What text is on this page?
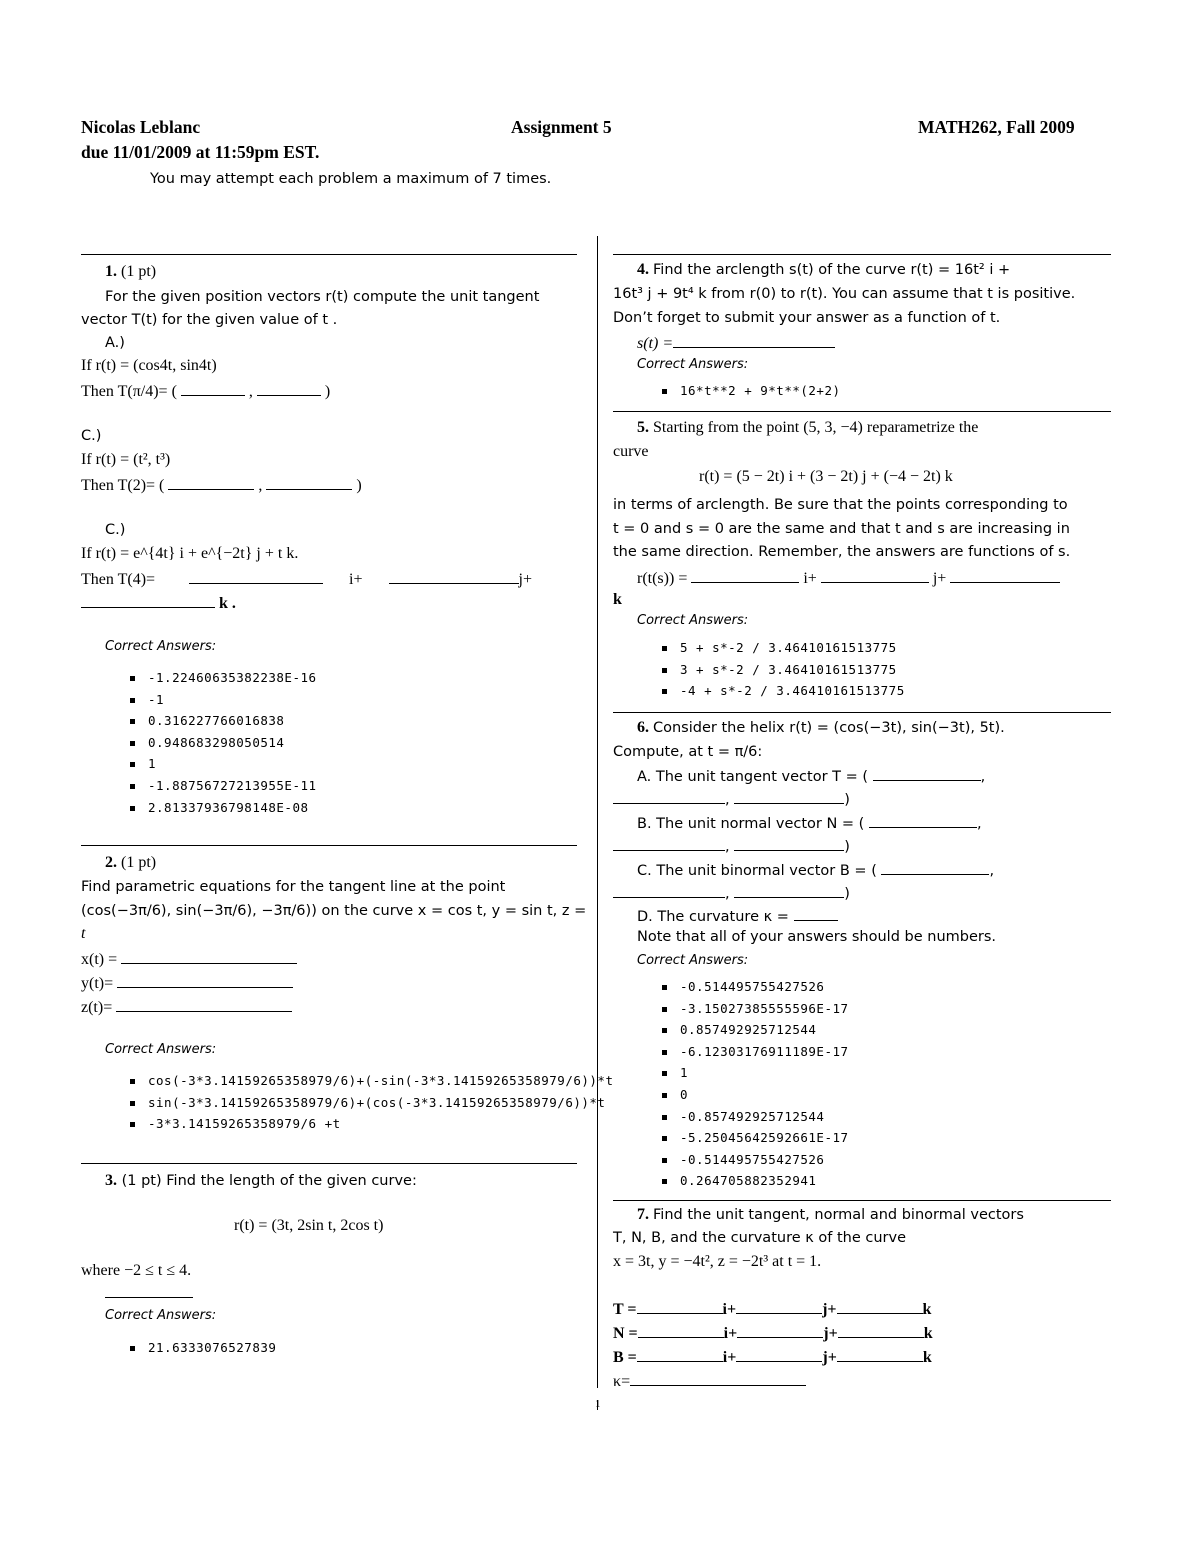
Nicolas Leblanc	Assignment 5	MATH262, Fall 2009
due 11/01/2009 at 11:59pm EST.
You may attempt each problem a maximum of 7 times.
1. (1 pt)
For the given position vectors r(t) compute the unit tangent
vector T(t) for the given value of t .
A.)
If r(t) = (cos4t, sin4t)
Then T(π/4)= (	,	)
C.)
If r(t) = (t², t³)
Then T(2)= (	,	)
C.)
If r(t) = e^{4t} i + e^{−2t} j + t k.
Then T(4)=	i+	j+
k .
Correct Answers:
-1.22460635382238E-16
-1
0.316227766016838
0.948683298050514
1
-1.88756727213955E-11
2.81337936798148E-08
2. (1 pt)
Find parametric equations for the tangent line at the point
(cos(−3π/6), sin(−3π/6), −3π/6)) on the curve x = cos t, y = sin t, z =
t
x(t) =
y(t)=
z(t)=
Correct Answers:
cos(-3*3.14159265358979/6)+(-sin(-3*3.14159265358979/6))*t
sin(-3*3.14159265358979/6)+(cos(-3*3.14159265358979/6))*t
-3*3.14159265358979/6 +t
3. (1 pt) Find the length of the given curve:
r(t) = (3t, 2sin t, 2cos t)
where −2 ≤ t ≤ 4.
Correct Answers:
21.6333076527839
4. Find the arclength s(t) of the curve r(t) = 16t² i +
16t³ j + 9t⁴ k from r(0) to r(t). You can assume that t is positive.
Don’t forget to submit your answer as a function of t.
s(t) =
Correct Answers:
16*t**2 + 9*t**(2+2)
5. Starting from the point (5, 3, −4) reparametrize the
curve
r(t) = (5 − 2t) i + (3 − 2t) j + (−4 − 2t) k
in terms of arclength. Be sure that the points corresponding to
t = 0 and s = 0 are the same and that t and s are increasing in
the same direction. Remember, the answers are functions of s.
r(t(s)) =	i+	j+
k
Correct Answers:
5 + s*-2 / 3.46410161513775
3 + s*-2 / 3.46410161513775
-4 + s*-2 / 3.46410161513775
6. Consider the helix r(t) = (cos(−3t), sin(−3t), 5t).
Compute, at t = π/6:
A. The unit tangent vector T = (	,
,	)
B. The unit normal vector N = (	,
,	)
C. The unit binormal vector B = (	,
,	)
D. The curvature κ =
Note that all of your answers should be numbers.
Correct Answers:
-0.514495755427526
-3.15027385555596E-17
0.857492925712544
-6.12303176911189E-17
1
0
-0.857492925712544
-5.25045642592661E-17
-0.514495755427526
0.264705882352941
7. Find the unit tangent, normal and binormal vectors
T, N, B, and the curvature κ of the curve
x = 3t, y = −4t², z = −2t³ at t = 1.
T =	i+	j+	k
N =	i+	j+	k
B =	i+	j+	k
κ=
1
